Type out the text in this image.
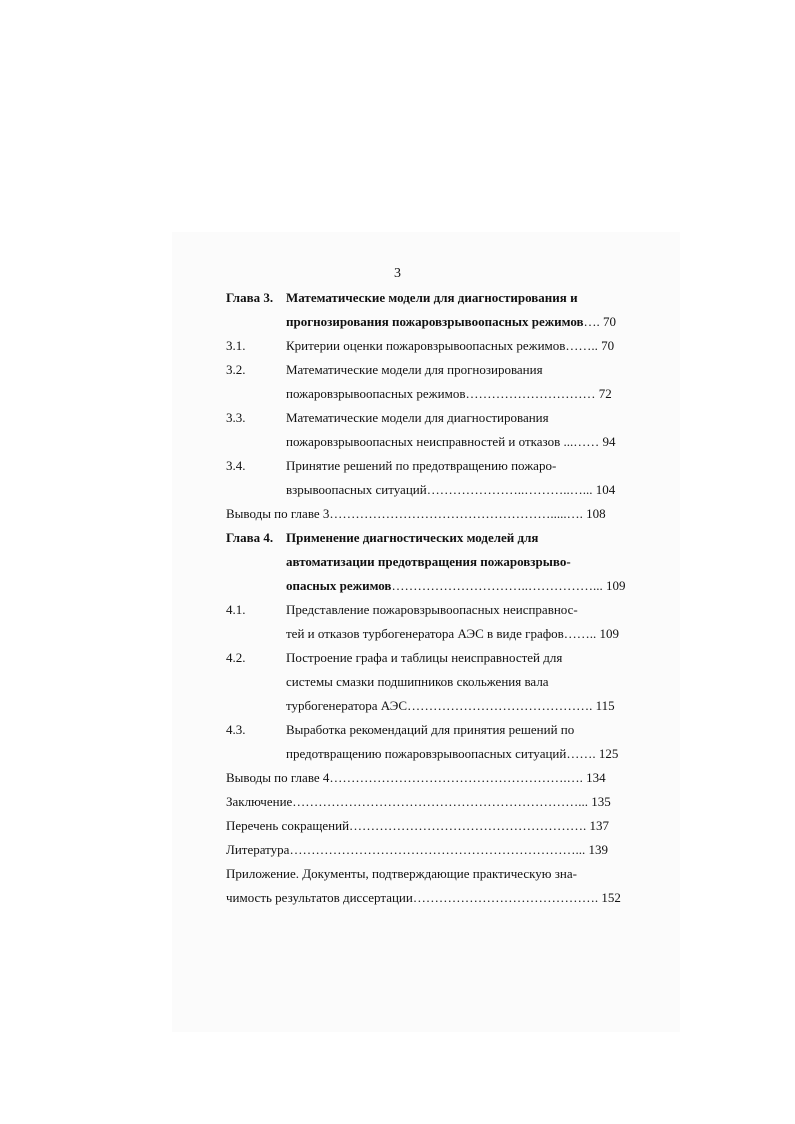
3
Глава 3. Математические модели для диагностирования и
прогнозирования пожаровзрывоопасных режимов…. 70
3.1.	Критерии оценки пожаровзрывоопасных режимов…….. 70
3.2.	Математические модели для прогнозирования
пожаровзрывоопасных режимов………………………… 72
3.3.	Математические модели для диагностирования
пожаровзрывоопасных неисправностей и отказов ...…… 94
3.4.	Принятие решений по предотвращению пожаро-
взрывоопасных ситуаций…………………..………..…... 104
Выводы по главе 3…………………………………………….....…. 108
Глава 4. Применение диагностических моделей для
автоматизации предотвращения пожаровзрыво-
опасных режимов…………………………..……………... 109
4.1.	Представление пожаровзрывоопасных неисправнос-
тей и отказов турбогенератора АЭС в виде графов…….. 109
4.2.	Построение графа и таблицы неисправностей для
системы смазки подшипников скольжения вала
турбогенератора АЭС……………………………………. 115
4.3.	Выработка рекомендаций для принятия решений по
предотвращению пожаровзрывоопасных ситуаций……. 125
Выводы по главе 4……………………………………………….…. 134
Заключение…………………………………………………………... 135
Перечень сокращений………………………………………………. 137
Литература…………………………………………………………... 139
Приложение. Документы, подтверждающие практическую зна-
чимость результатов диссертации……………………………………. 152
